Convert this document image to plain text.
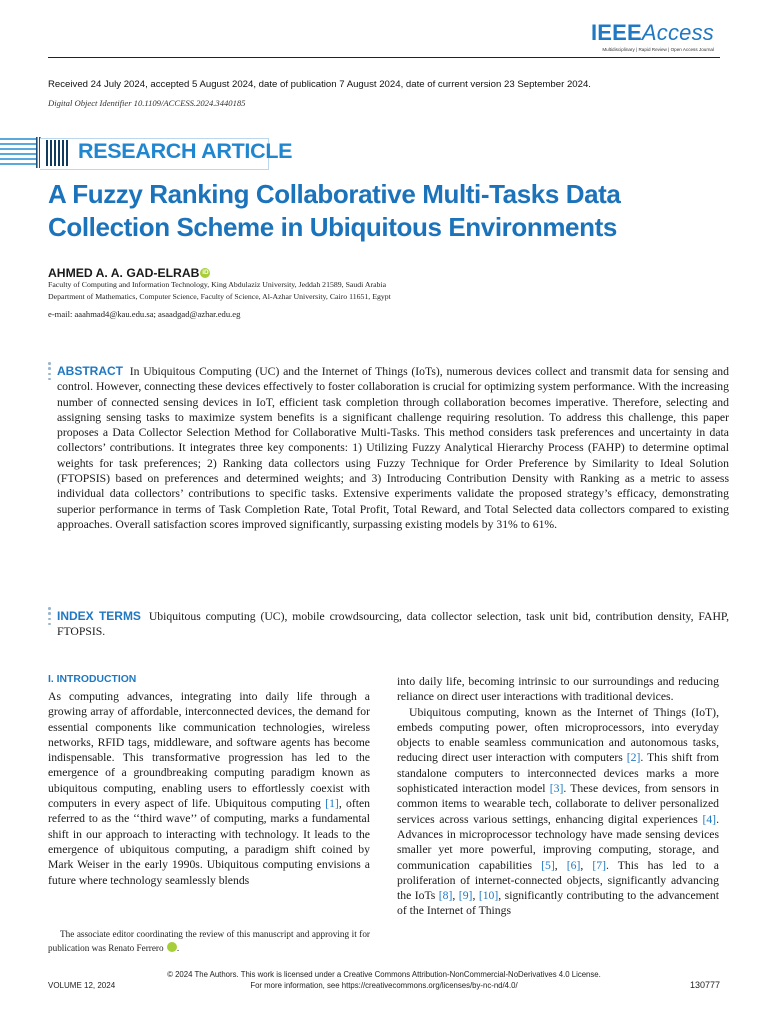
IEEEAccess
Multidisciplinary | Rapid Review | Open Access Journal
Received 24 July 2024, accepted 5 August 2024, date of publication 7 August 2024, date of current version 23 September 2024.
Digital Object Identifier 10.1109/ACCESS.2024.3440185
RESEARCH ARTICLE
A Fuzzy Ranking Collaborative Multi-Tasks Data Collection Scheme in Ubiquitous Environments
AHMED A. A. GAD-ELRAB iD
Faculty of Computing and Information Technology, King Abdulaziz University, Jeddah 21589, Saudi Arabia
Department of Mathematics, Computer Science, Faculty of Science, Al-Azhar University, Cairo 11651, Egypt
e-mail: aaahmad4@kau.edu.sa; asaadgad@azhar.edu.eg
ABSTRACT In Ubiquitous Computing (UC) and the Internet of Things (IoTs), numerous devices collect and transmit data for sensing and control. However, connecting these devices effectively to foster collaboration is crucial for optimizing system performance. With the increasing number of connected sensing devices in IoT, efficient task completion through collaboration becomes imperative. Therefore, selecting and assigning sensing tasks to maximize system benefits is a significant challenge requiring resolution. To address this challenge, this paper proposes a Data Collector Selection Method for Collaborative Multi-Tasks. This method considers task preferences and uncertainty in data collectors’ contributions. It integrates three key components: 1) Utilizing Fuzzy Analytical Hierarchy Process (FAHP) to determine optimal weights for task preferences; 2) Ranking data collectors using Fuzzy Technique for Order Preference by Similarity to Ideal Solution (FTOPSIS) based on preferences and determined weights; and 3) Introducing Contribution Density with Ranking as a metric to assess individual data collectors’ contributions to specific tasks. Extensive experiments validate the proposed strategy’s efficacy, demonstrating superior performance in terms of Task Completion Rate, Total Profit, Total Reward, and Total Selected data collectors compared to existing approaches. Overall satisfaction scores improved significantly, surpassing existing models by 31% to 61%.
INDEX TERMS Ubiquitous computing (UC), mobile crowdsourcing, data collector selection, task unit bid, contribution density, FAHP, FTOPSIS.
I. INTRODUCTION

As computing advances, integrating into daily life through a growing array of affordable, interconnected devices, the demand for essential components like communication technologies, wireless networks, RFID tags, middleware, and software agents has become indispensable. This transformative progression has led to the emergence of a groundbreaking computing paradigm known as ubiquitous computing, enabling users to effortlessly coexist with computers in every aspect of life. Ubiquitous computing [1], often referred to as the ‘‘third wave’’ of computing, marks a fundamental shift in our approach to interacting with technology. It leads to the emergence of ubiquitous computing, a paradigm shift coined by Mark Weiser in the early 1990s. Ubiquitous computing envisions a future where technology seamlessly blends

into daily life, becoming intrinsic to our surroundings and reducing reliance on direct user interactions with traditional devices.

Ubiquitous computing, known as the Internet of Things (IoT), embeds computing power, often microprocessors, into everyday objects to enable seamless communication and autonomous tasks, reducing direct user interaction with computers [2]. This shift from standalone computers to interconnected devices marks a more sophisticated interaction model [3]. These devices, from sensors in common items to wearable tech, collaborate to deliver personalized services across various settings, enhancing digital experiences [4]. Advances in microprocessor technology have made sensing devices smaller yet more powerful, improving computing, storage, and communication capabilities [5], [6], [7]. This has led to a proliferation of internet-connected objects, significantly advancing the IoTs [8], [9], [10], significantly contributing to the advancement of the Internet of Things

The associate editor coordinating the review of this manuscript and approving it for publication was Renato Ferrero iD.
© 2024 The Authors. This work is licensed under a Creative Commons Attribution-NonCommercial-NoDerivatives 4.0 License.
For more information, see https://creativecommons.org/licenses/by-nc-nd/4.0/
VOLUME 12, 2024	130777
